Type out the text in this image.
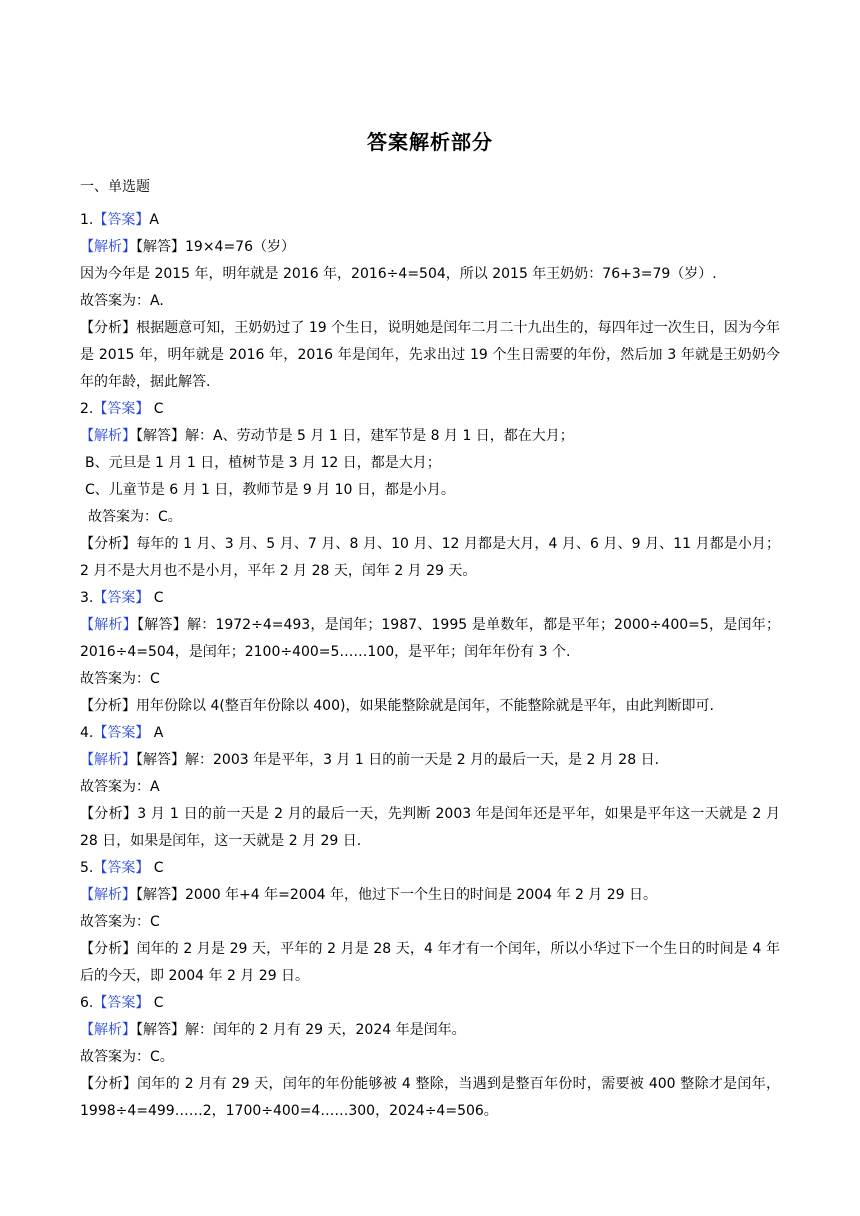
答案解析部分
一、单选题
1.【答案】A
【解析】【解答】19×4=76（岁）
因为今年是 2015 年，明年就是 2016 年，2016÷4=504，所以 2015 年王奶奶：76+3=79（岁）.
故答案为：A.
【分析】根据题意可知，王奶奶过了 19 个生日，说明她是闰年二月二十九出生的，每四年过一次生日，因为今年是 2015 年，明年就是 2016 年，2016 年是闰年，先求出过 19 个生日需要的年份，然后加 3 年就是王奶奶今年的年龄，据此解答.
2.【答案】 C
【解析】【解答】解：A、劳动节是 5 月 1 日，建军节是 8 月 1 日，都在大月；
B、元旦是 1 月 1 日，植树节是 3 月 12 日，都是大月；
C、儿童节是 6 月 1 日，教师节是 9 月 10 日，都是小月。
故答案为：C。
【分析】每年的 1 月、3 月、5 月、7 月、8 月、10 月、12 月都是大月，4 月、6 月、9 月、11 月都是小月；2 月不是大月也不是小月，平年 2 月 28 天，闰年 2 月 29 天。
3.【答案】 C
【解析】【解答】解：1972÷4=493，是闰年；1987、1995 是单数年，都是平年；2000÷400=5，是闰年；2016÷4=504，是闰年；2100÷400=5……100，是平年；闰年年份有 3 个.
故答案为：C
【分析】用年份除以 4(整百年份除以 400)，如果能整除就是闰年，不能整除就是平年，由此判断即可.
4.【答案】 A
【解析】【解答】解：2003 年是平年，3 月 1 日的前一天是 2 月的最后一天，是 2 月 28 日.
故答案为：A
【分析】3 月 1 日的前一天是 2 月的最后一天，先判断 2003 年是闰年还是平年，如果是平年这一天就是 2 月 28 日，如果是闰年，这一天就是 2 月 29 日.
5.【答案】 C
【解析】【解答】2000 年+4 年=2004 年，他过下一个生日的时间是 2004 年 2 月 29 日。
故答案为：C
【分析】闰年的 2 月是 29 天，平年的 2 月是 28 天，4 年才有一个闰年，所以小华过下一个生日的时间是 4 年后的今天，即 2004 年 2 月 29 日。
6.【答案】 C
【解析】【解答】解：闰年的 2 月有 29 天，2024 年是闰年。
故答案为：C。
【分析】闰年的 2 月有 29 天，闰年的年份能够被 4 整除，当遇到是整百年份时，需要被 400 整除才是闰年，1998÷4=499……2，1700÷400=4……300，2024÷4=506。
